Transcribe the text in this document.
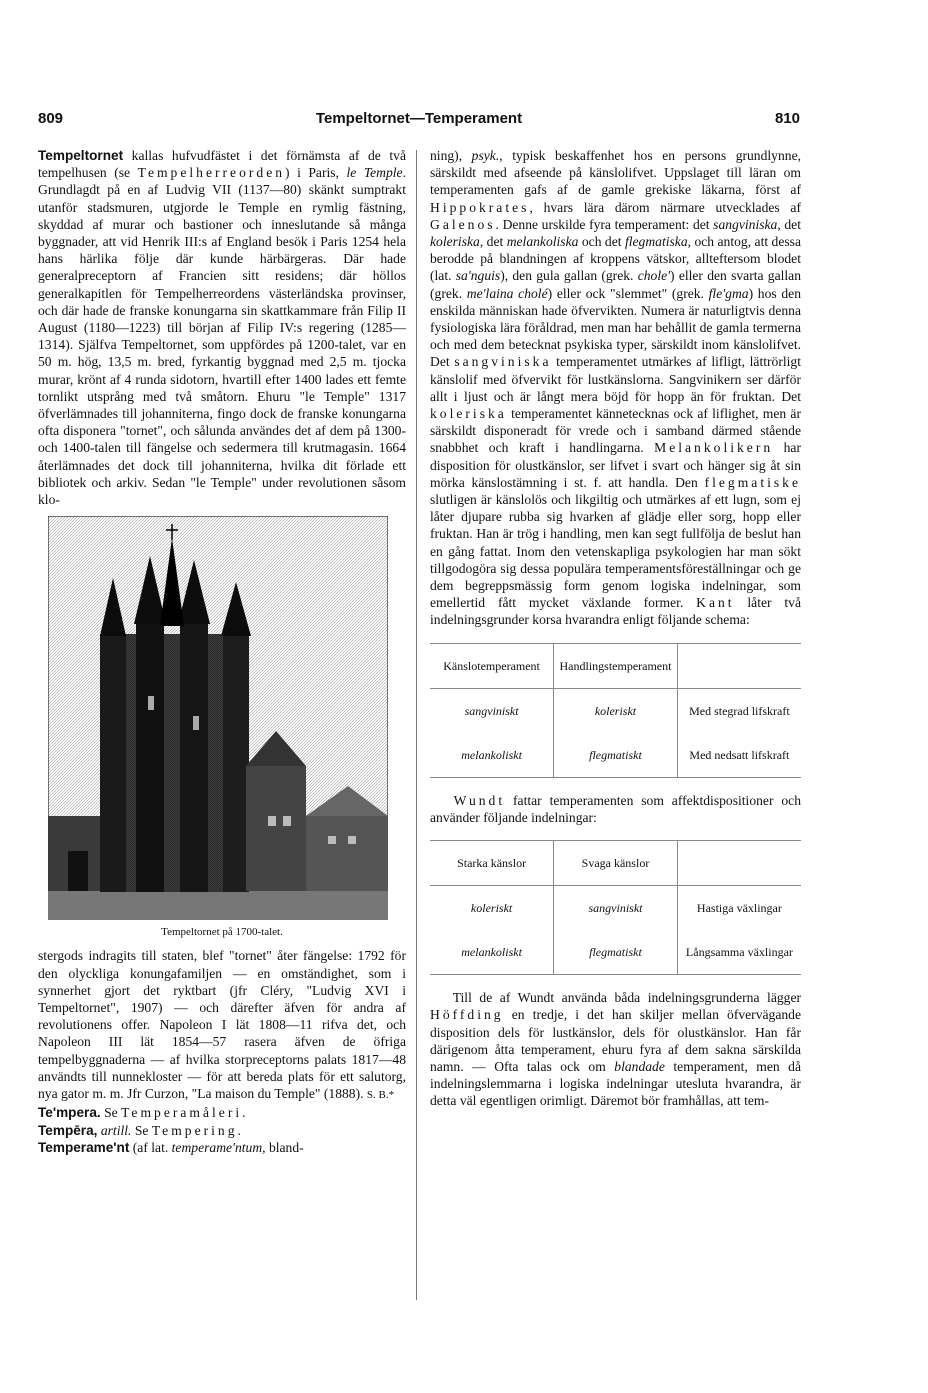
809	Tempeltornet—Temperament	810

Tempeltornet kallas hufvudfästet i det förnämsta af de två tempelhusen (se Tempelherreorden) i Paris, le Temple. Grundlagdt på en af Ludvig VII (1137—80) skänkt sumptrakt utanför stadsmuren, utgjorde le Temple en rymlig fästning, skyddad af murar och bastioner och inneslutande så många byggnader, att vid Henrik III:s af England besök i Paris 1254 hela hans härlika följe där kunde härbärgeras. Där hade generalpreceptorn af Francien sitt residens; där höllos generalkapitlen för Tempelherreordens västerländska provinser, och där hade de franske konungarna sin skattkammare från Filip II August (1180—1223) till början af Filip IV:s regering (1285—1314). Själfva Tempeltornet, som uppfördes på 1200-talet, var en 50 m. hög, 13,5 m. bred, fyrkantig byggnad med 2,5 m. tjocka murar, krönt af 4 runda sidotorn, hvartill efter 1400 lades ett femte tornlikt utsprång med två småtorn. Ehuru "le Temple" 1317 öfverlämnades till johanniterna, fingo dock de franske konungarna ofta disponera "tornet", och sålunda användes det af dem på 1300- och 1400-talen till fängelse och sedermera till krutmagasin. 1664 återlämnades det dock till johanniterna, hvilka dit förlade ett bibliotek och arkiv. Sedan "le Temple" under revolutionen såsom klo-

Tempeltornet på 1700-talet.

stergods indragits till staten, blef "tornet" åter fängelse: 1792 för den olyckliga konungafamiljen — en omständighet, som i synnerhet gjort det ryktbart (jfr Cléry, "Ludvig XVI i Tempeltornet", 1907) — och därefter äfven för andra af revolutionens offer. Napoleon I lät 1808—11 rifva det, och Napoleon III lät 1854—57 rasera äfven de öfriga tempelbyggnaderna — af hvilka storpreceptorns palats 1817—48 användts till nunnekloster — för att bereda plats för ett salutorg, nya gator m. m. Jfr Curzon, "La maison du Temple" (1888). S. B.*

Te'mpera. Se Temperamåleri.

Tempēra, artill. Se Tempering.

Temperame'nt (af lat. temperame'ntum, bland-

ning), psyk., typisk beskaffenhet hos en persons grundlynne, särskildt med afseende på känslolifvet. Uppslaget till läran om temperamenten gafs af de gamle grekiske läkarna, först af Hippokrates, hvars lära därom närmare utvecklades af Galenos. Denne urskilde fyra temperament: det sangviniska, det koleriska, det melankoliska och det flegmatiska, och antog, att dessa berodde på blandningen af kroppens vätskor, allteftersom blodet (lat. sa'nguis), den gula gallan (grek. chole') eller den svarta gallan (grek. me'laina cholé) eller ock "slemmet" (grek. fle'gma) hos den enskilda människan hade öfvervikten. Numera är naturligtvis denna fysiologiska lära föråldrad, men man har behållit de gamla termerna och med dem betecknat psykiska typer, särskildt inom känslolifvet. Det sangviniska temperamentet utmärkes af lifligt, lättrörligt känslolif med öfvervikt för lustkänslorna. Sangvinikern ser därför allt i ljust och är långt mera böjd för hopp än för fruktan. Det koleriska temperamentet kännetecknas ock af liflighet, men är särskildt disponeradt för vrede och i samband därmed stående snabbhet och kraft i handlingarna. Melankolikern har disposition för olustkänslor, ser lifvet i svart och hänger sig åt sin mörka känslostämning i st. f. att handla. Den flegmatiske slutligen är känslolös och likgiltig och utmärkes af ett lugn, som ej låter djupare rubba sig hvarken af glädje eller sorg, hopp eller fruktan. Han är trög i handling, men kan segt fullfölja de beslut han en gång fattat. Inom den vetenskapliga psykologien har man sökt tillgodogöra sig dessa populära temperamentsföreställningar och ge dem begreppsmässig form genom logiska indelningar, som emellertid fått mycket växlande former. Kant låter två indelningsgrunder korsa hvarandra enligt följande schema:

Känslotemperament	Handlingstemperament	
sangviniskt	koleriskt	Med stegrad lifskraft
melankoliskt	flegmatiskt	Med nedsatt lifskraft

Wundt fattar temperamenten som affektdispositioner och använder följande indelningar:

Starka känslor	Svaga känslor	
koleriskt	sangviniskt	Hastiga växlingar
melankoliskt	flegmatiskt	Långsamma växlingar

Till de af Wundt använda båda indelningsgrunderna lägger Höffding en tredje, i det han skiljer mellan öfvervägande disposition dels för lustkänslor, dels för olustkänslor. Han får därigenom åtta temperament, ehuru fyra af dem sakna särskilda namn. — Ofta talas ock om blandade temperament, men då indelningslemmarna i logiska indelningar utesluta hvarandra, är detta väl egentligen orimligt. Däremot bör framhållas, att tem-
